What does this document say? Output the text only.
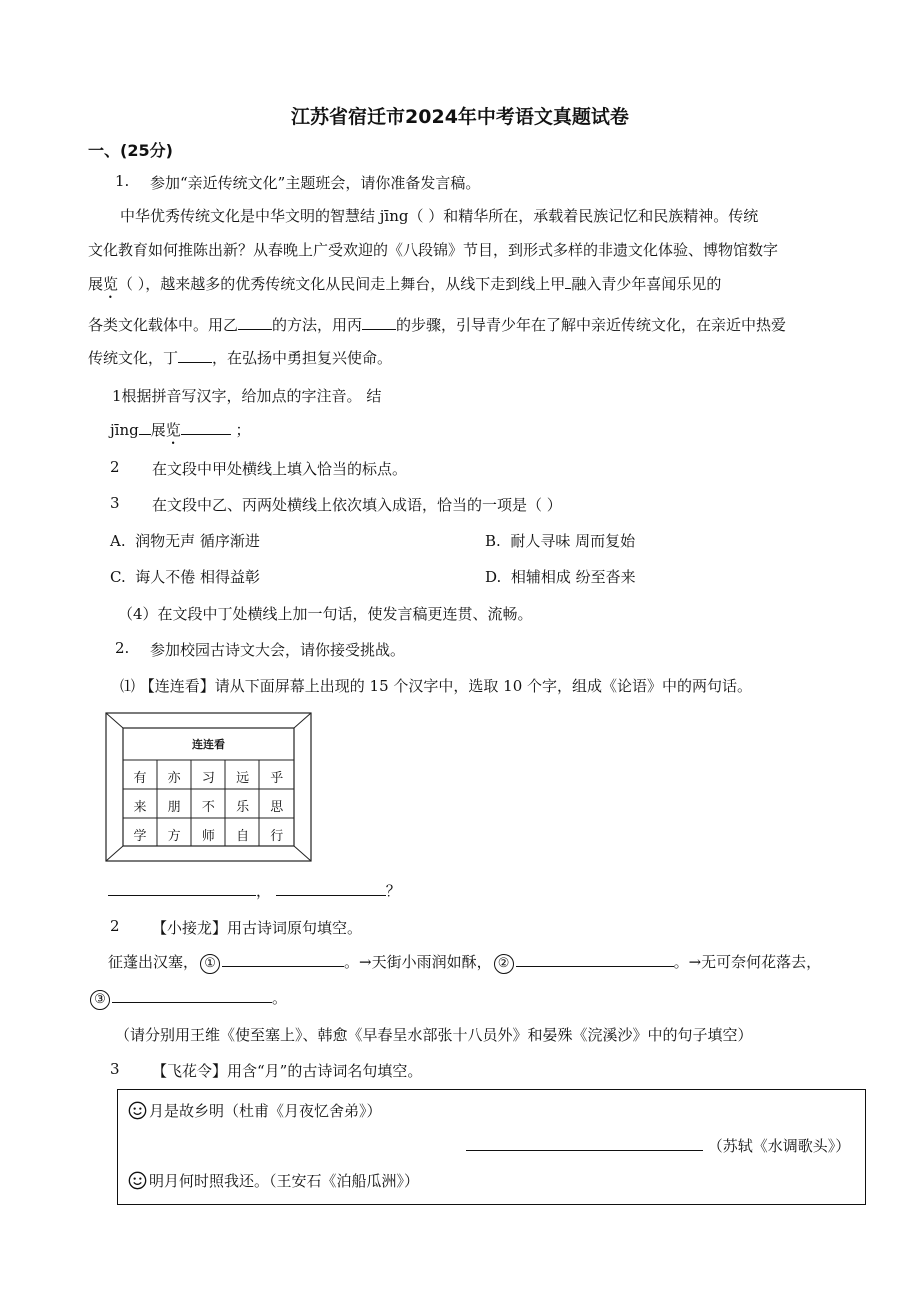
江苏省宿迁市2024年中考语文真题试卷
一、(25分)
1. 参加“亲近传统文化”主题班会，请你准备发言稿。
中华优秀传统文化是中华文明的智慧结 jīng（ ）和精华所在，承载着民族记忆和民族精神。传统
文化教育如何推陈出新？从春晚上广受欢迎的《八段锦》节目，到形式多样的非遗文化体验、博物馆数字
展览（ ），越来越多的优秀传统文化从民间走上舞台，从线下走到线上甲 融入青少年喜闻乐见的
各类文化载体中。用乙 的方法，用丙 的步骤，引导青少年在了解中亲近传统文化，在亲近中热爱
传统文化，丁 ，在弘扬中勇担复兴使命。
1根据拼音写汉字，给加点的字注音。 结
jīng 展览	；
2 在文段中甲处横线上填入恰当的标点。
3 在文段中乙、丙两处横线上依次填入成语，恰当的一项是（ ）
A. 润物无声 循序渐进	B. 耐人寻味 周而复始
C. 诲人不倦 相得益彰	D. 相辅相成 纷至沓来
（4）在文段中丁处横线上加一句话，使发言稿更连贯、流畅。
2. 参加校园古诗文大会，请你接受挑战。
⑴ 【连连看】请从下面屏幕上出现的 15 个汉字中，选取 10 个字，组成《论语》中的两句话。
连连看
有	亦	习	远	乎
来	朋	不	乐	思
学	方	师	自	行
，	？
2 【小接龙】用古诗词原句填空。
征蓬出汉塞， ①	。→天街小雨润如酥， ②	。→无可奈何花落去，
③	。
（请分别用王维《使至塞上》、韩愈《早春呈水部张十八员外》和晏殊《浣溪沙》中的句子填空）
3 【飞花令】用含“月”的古诗词名句填空。
月是故乡明（杜甫《月夜忆舍弟》）
（苏轼《水调歌头》）
明月何时照我还。（王安石《泊船瓜洲》）
